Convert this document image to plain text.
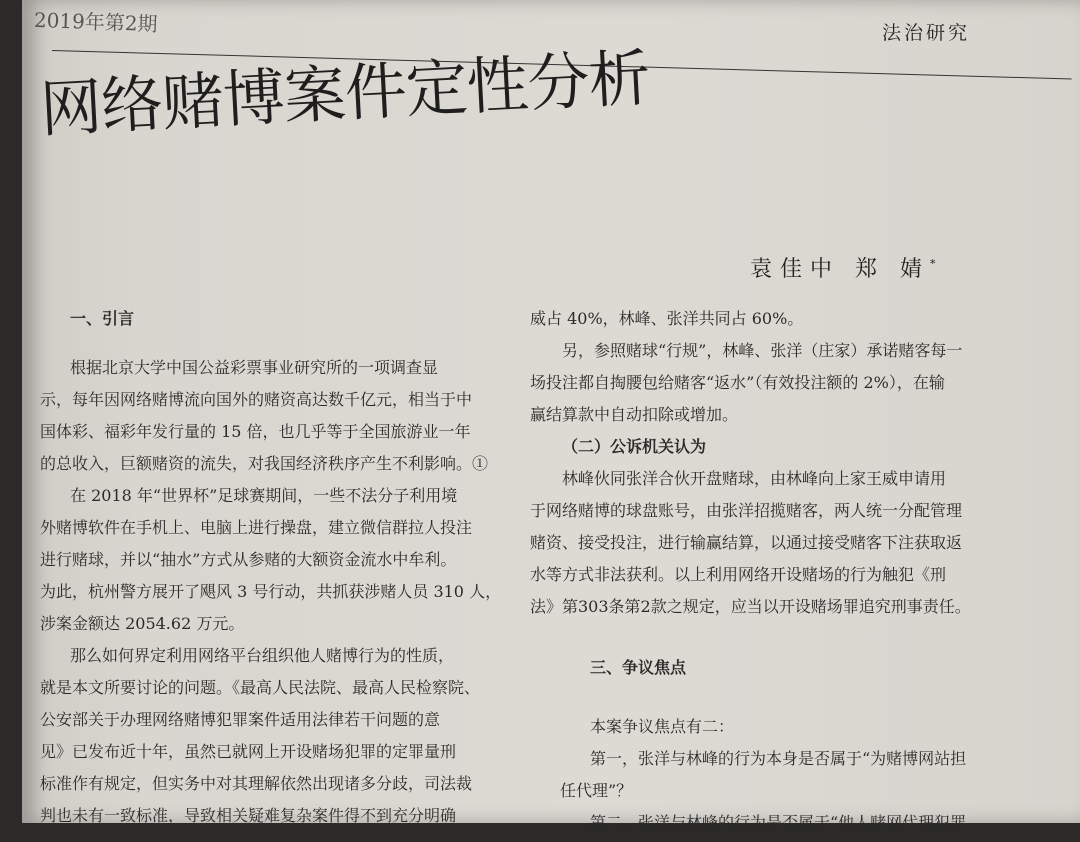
2019年第2期	法治研究
网络赌博案件定性分析
袁佳中 郑 婧*

一、引言

根据北京大学中国公益彩票事业研究所的一项调查显

示，每年因网络赌博流向国外的赌资高达数千亿元，相当于中

国体彩、福彩年发行量的 15 倍，也几乎等于全国旅游业一年

的总收入，巨额赌资的流失，对我国经济秩序产生不利影响。①

在 2018 年“世界杯”足球赛期间，一些不法分子利用境

外赌博软件在手机上、电脑上进行操盘，建立微信群拉人投注

进行赌球，并以“抽水”方式从参赌的大额资金流水中牟利。

为此，杭州警方展开了飓风 3 号行动，共抓获涉赌人员 310 人，

涉案金额达 2054.62 万元。

那么如何界定利用网络平台组织他人赌博行为的性质，

就是本文所要讨论的问题。《最高人民法院、最高人民检察院、

公安部关于办理网络赌博犯罪案件适用法律若干问题的意

见》已发布近十年，虽然已就网上开设赌场犯罪的定罪量刑

标准作有规定，但实务中对其理解依然出现诸多分歧，司法裁

判也未有一致标准，导致相关疑难复杂案件得不到充分明确

威占 40%，林峰、张洋共同占 60%。

另，参照赌球“行规”，林峰、张洋（庄家）承诺赌客每一

场投注都自掏腰包给赌客“返水”（有效投注额的 2%），在输

赢结算款中自动扣除或增加。

（二）公诉机关认为

林峰伙同张洋合伙开盘赌球，由林峰向上家王威申请用

于网络赌博的球盘账号，由张洋招揽赌客，两人统一分配管理

赌资、接受投注，进行输赢结算，以通过接受赌客下注获取返

水等方式非法获利。以上利用网络开设赌场的行为触犯《刑

法》第303条第2款之规定，应当以开设赌场罪追究刑事责任。

三、争议焦点

本案争议焦点有二：

第一，张洋与林峰的行为本身是否属于“为赌博网站担

任代理”？

第二，张洋与林峰的行为是否属于“他人赌网代理犯罪
